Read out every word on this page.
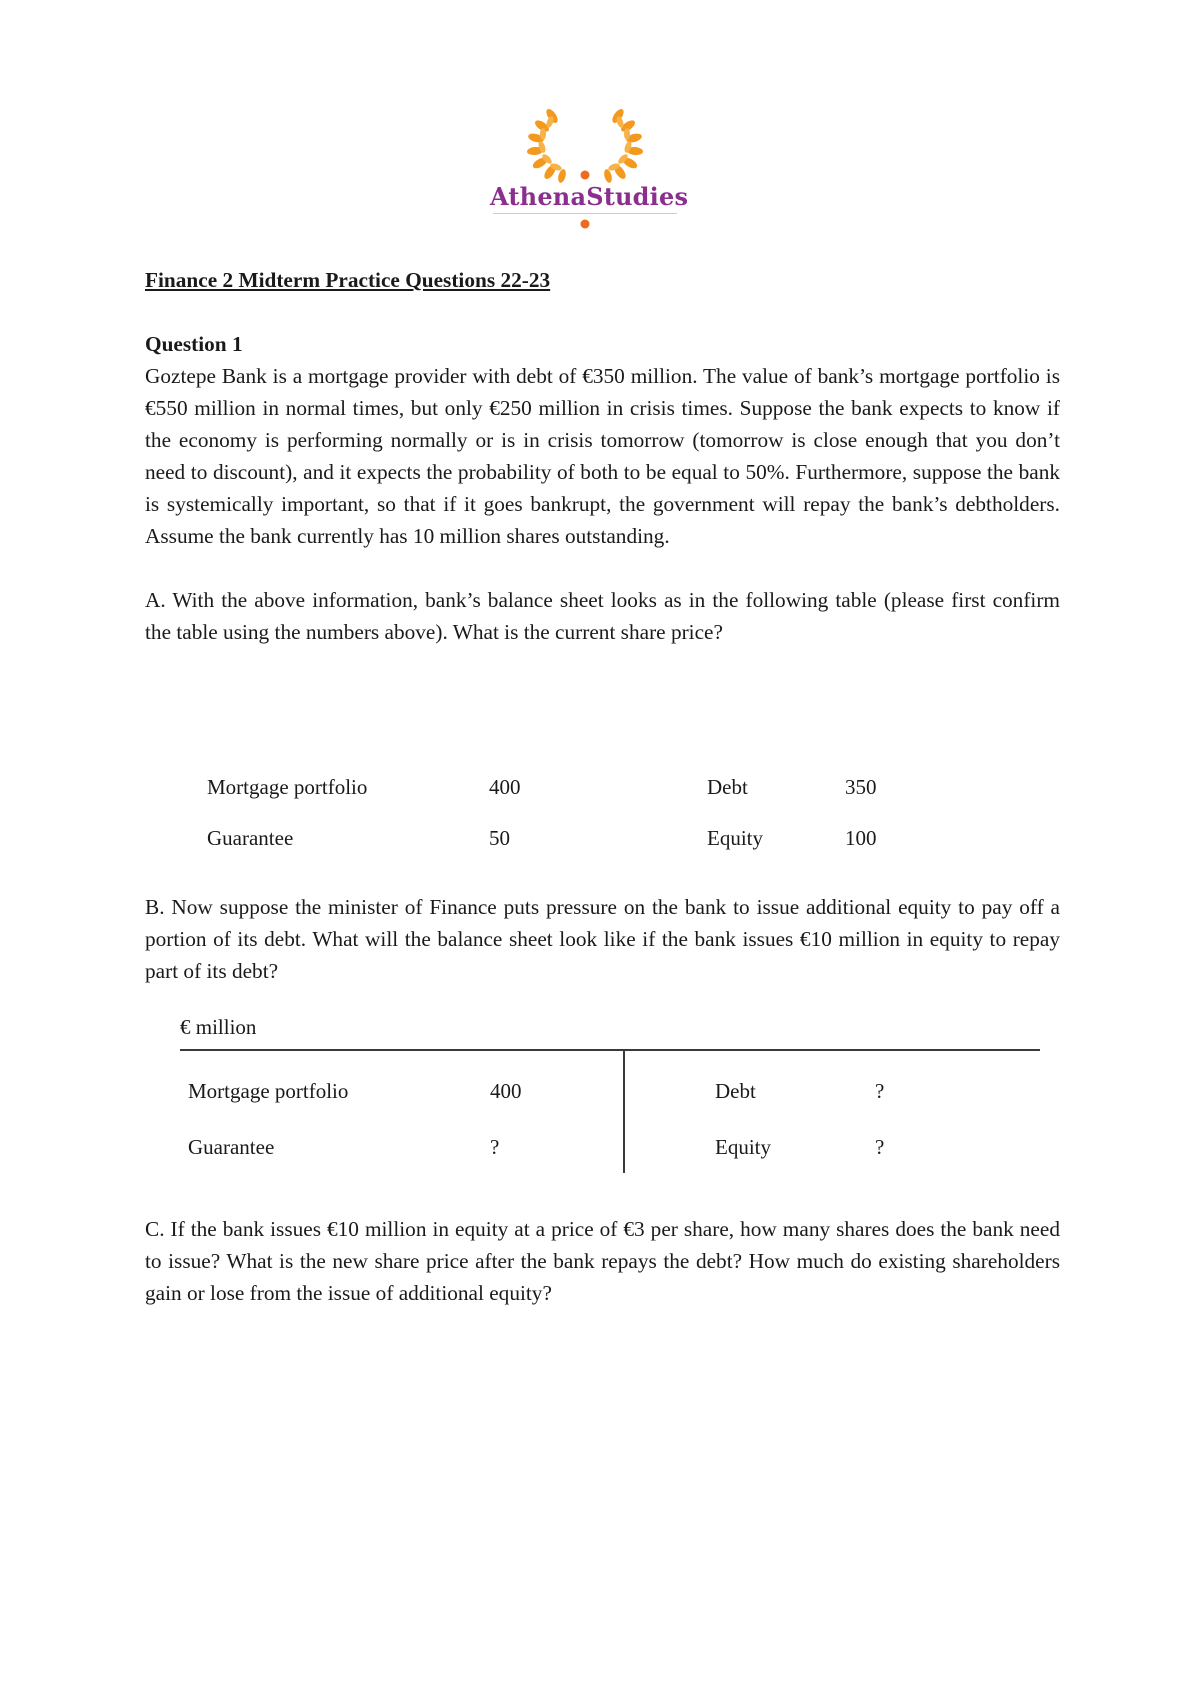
AthenaStudies

Finance 2 Midterm Practice Questions 22-23

Question 1

Goztepe Bank is a mortgage provider with debt of €350 million. The value of bank’s mortgage portfolio is €550 million in normal times, but only €250 million in crisis times. Suppose the bank expects to know if the economy is performing normally or is in crisis tomorrow (tomorrow is close enough that you don’t need to discount), and it expects the probability of both to be equal to 50%. Furthermore, suppose the bank is systemically important, so that if it goes bankrupt, the government will repay the bank’s debtholders. Assume the bank currently has 10 million shares outstanding.

A. With the above information, bank’s balance sheet looks as in the following table (please first confirm the table using the numbers above). What is the current share price?

Mortgage portfolio	400	Debt	350
Guarantee	50	Equity	100

B. Now suppose the minister of Finance puts pressure on the bank to issue additional equity to pay off a portion of its debt. What will the balance sheet look like if the bank issues €10 million in equity to repay part of its debt?

€ million
Mortgage portfolio	400	Debt	?
Guarantee	?	Equity	?

C. If the bank issues €10 million in equity at a price of €3 per share, how many shares does the bank need to issue? What is the new share price after the bank repays the debt? How much do existing shareholders gain or lose from the issue of additional equity?
